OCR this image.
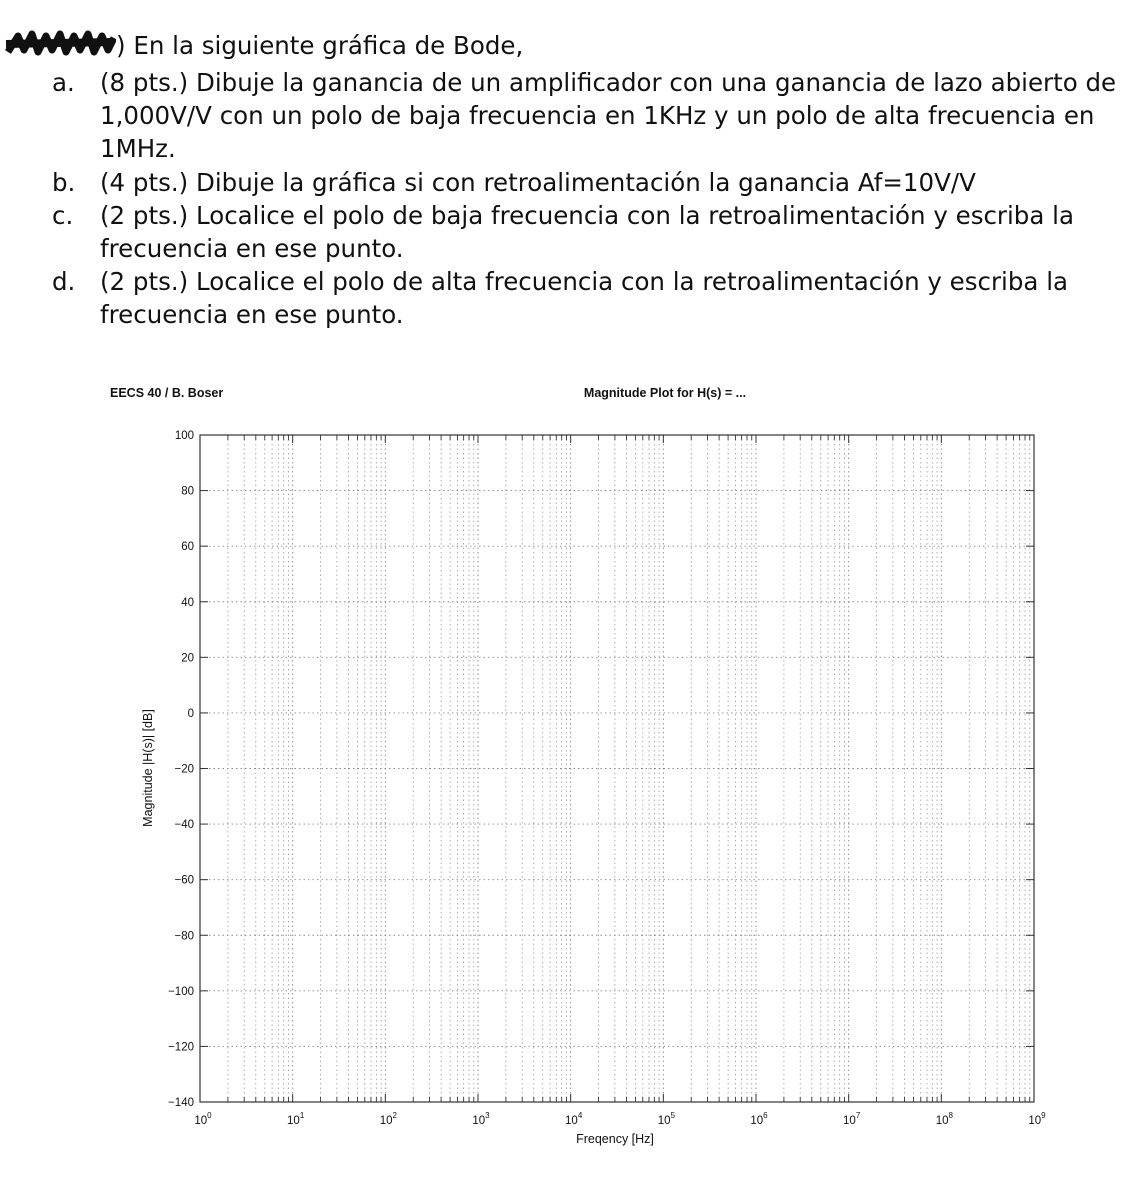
) En la siguiente gráfica de Bode,
a. (8 pts.) Dibuje la ganancia de un amplificador con una ganancia de lazo abierto de 1,000V/V con un polo de baja frecuencia en 1KHz y un polo de alta frecuencia en 1MHz.
b. (4 pts.) Dibuje la gráfica si con retroalimentación la ganancia Af=10V/V
c. (2 pts.) Localice el polo de baja frecuencia con la retroalimentación y escriba la frecuencia en ese punto.
d. (2 pts.) Localice el polo de alta frecuencia con la retroalimentación y escriba la frecuencia en ese punto.
EECS 40 / B. Boser	Magnitude Plot for H(s) = ...
$10^0$	$10^1$	$10^2$	$10^3$	$10^4$	$10^5$	$10^6$	$10^7$	$10^8$	$10^9$
100
80
60
40
20
0
−20
−40
−60
−80
−100
−120
−140
Freqency [Hz]
Magnitude |H(s)| [dB]
